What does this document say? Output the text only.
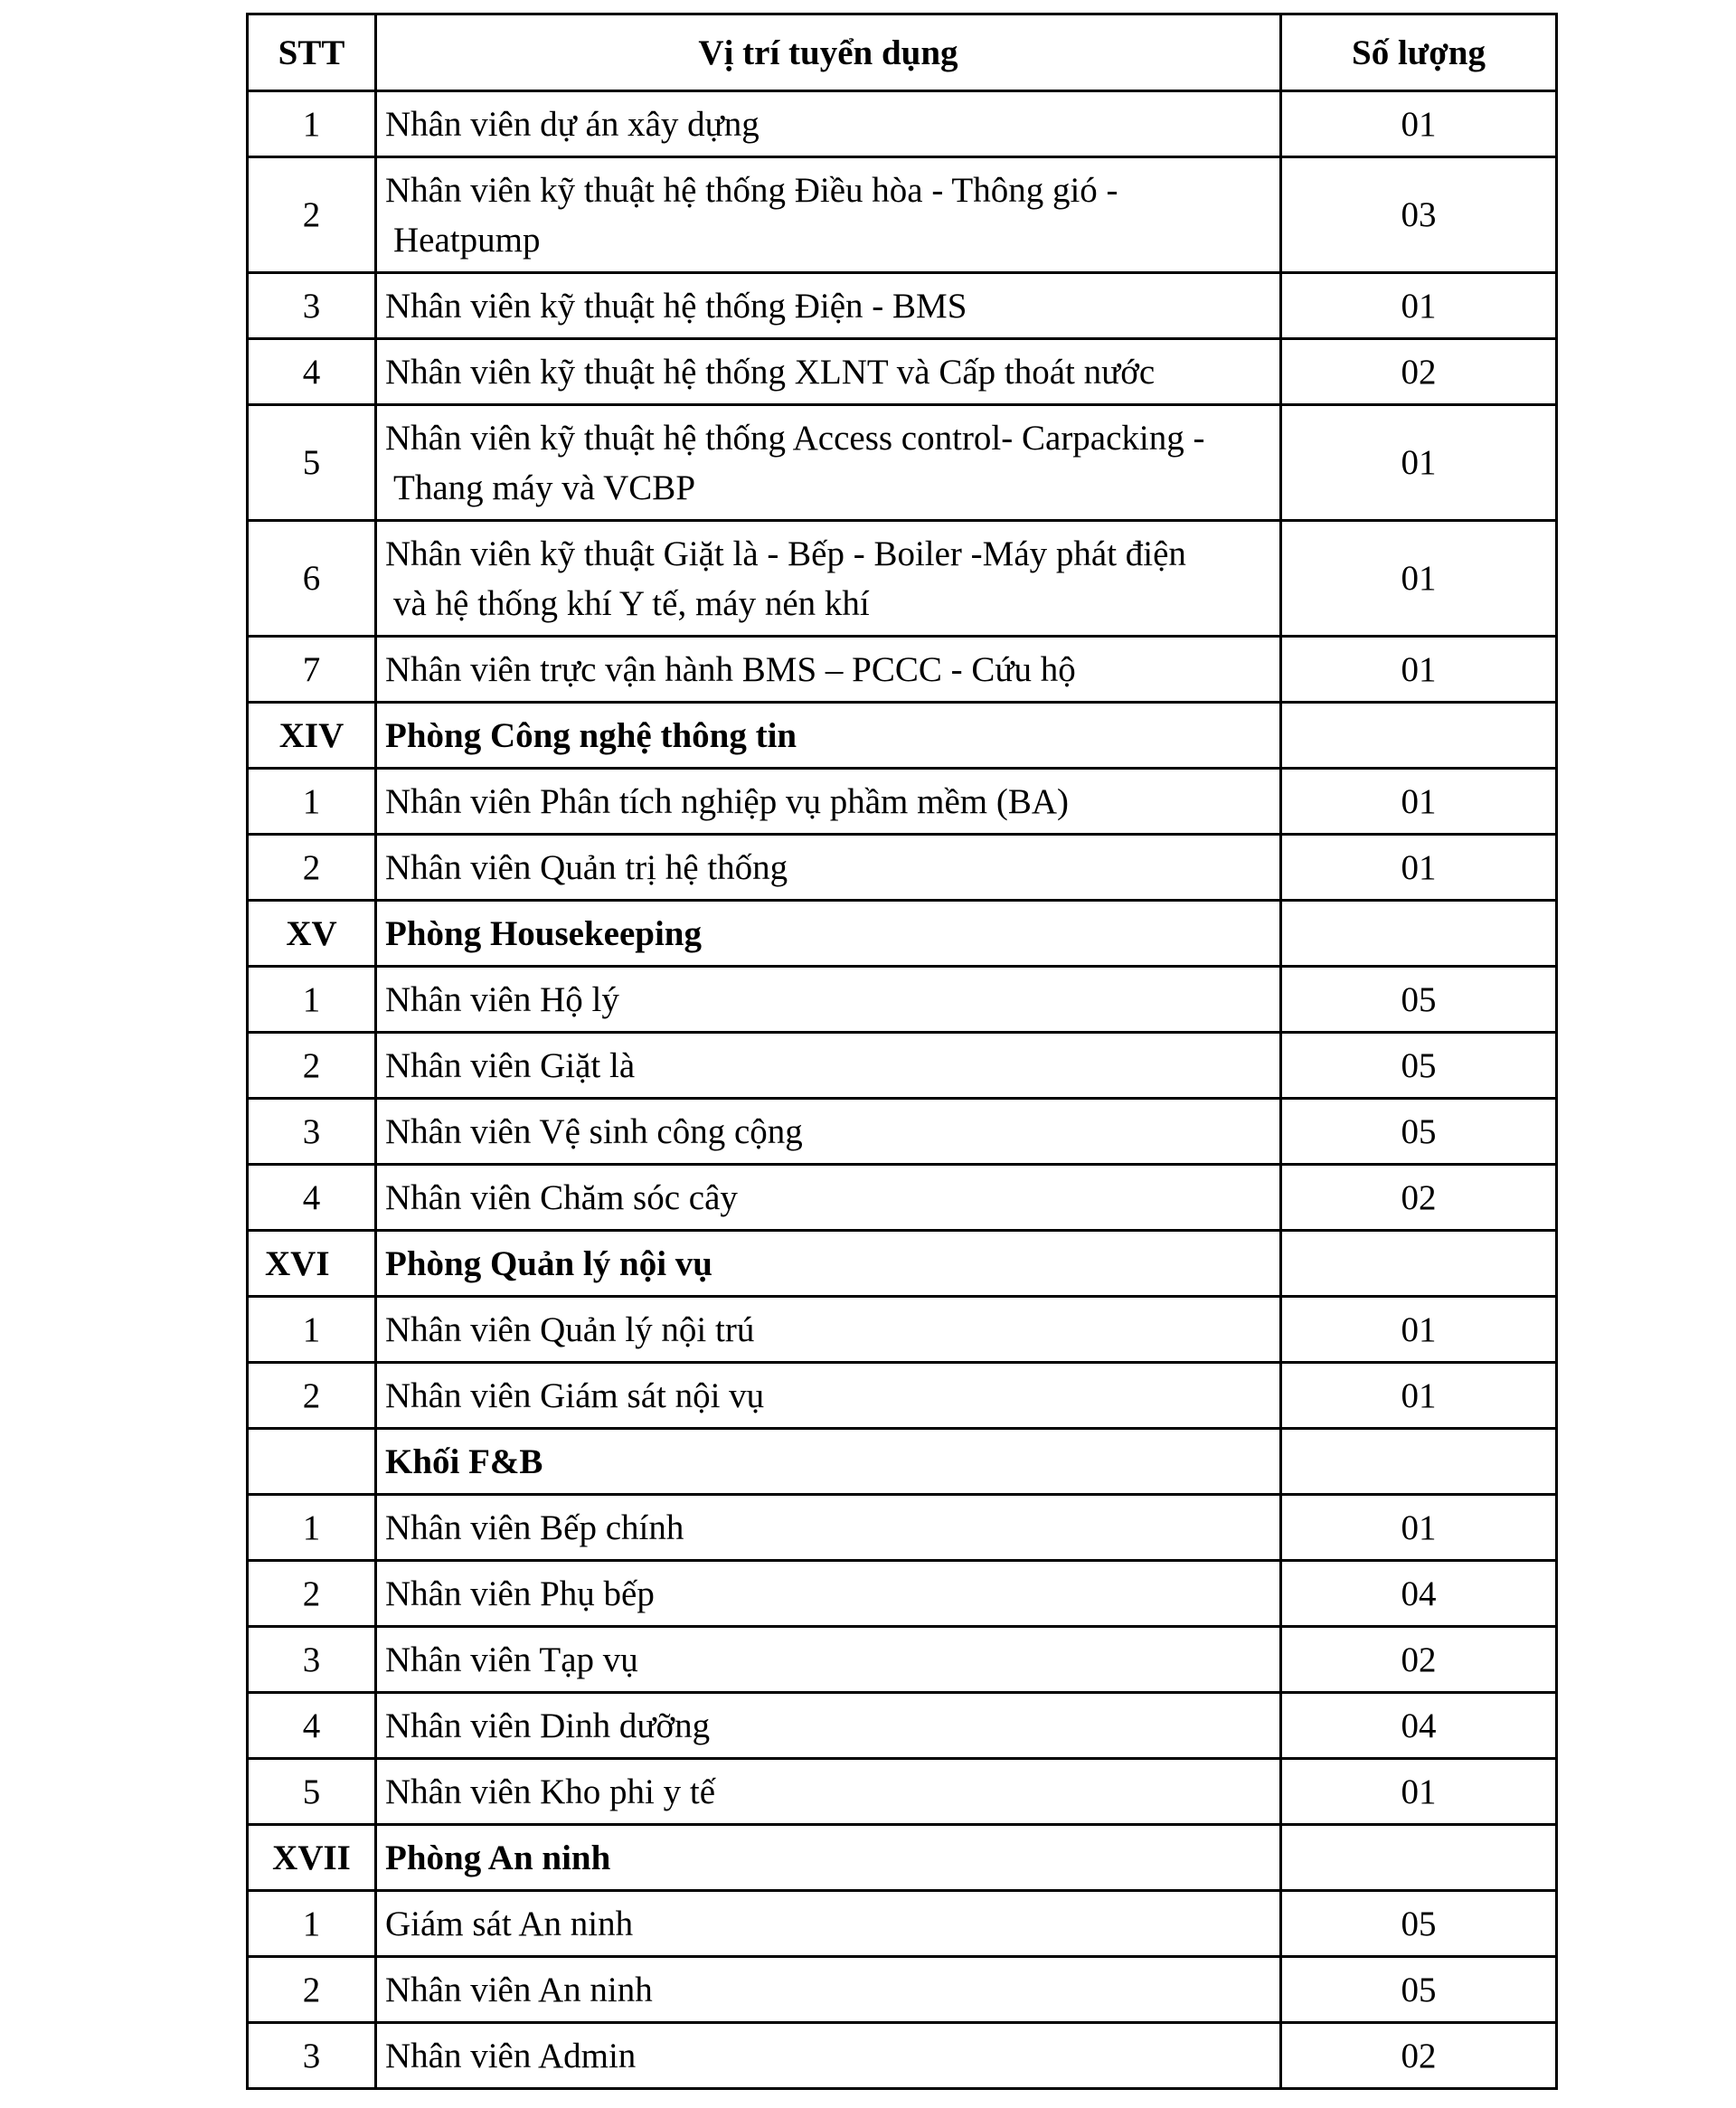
STT	Vị trí tuyển dụng	Số lượng
1	Nhân viên dự án xây dựng	01
2	Nhân viên kỹ thuật hệ thống Điều hòa - Thông gió -
Heatpump	03
3	Nhân viên kỹ thuật hệ thống Điện - BMS	01
4	Nhân viên kỹ thuật hệ thống XLNT và Cấp thoát nước	02
5	Nhân viên kỹ thuật hệ thống Access control- Carpacking -
Thang máy và VCBP	01
6	Nhân viên kỹ thuật Giặt là - Bếp - Boiler -Máy phát điện
và hệ thống khí Y tế, máy nén khí	01
7	Nhân viên trực vận hành BMS – PCCC - Cứu hộ	01
XIV	Phòng Công nghệ thông tin	
1	Nhân viên Phân tích nghiệp vụ phầm mềm (BA)	01
2	Nhân viên Quản trị hệ thống	01
XV	Phòng Housekeeping	
1	Nhân viên Hộ lý	05
2	Nhân viên Giặt là	05
3	Nhân viên Vệ sinh công cộng	05
4	Nhân viên Chăm sóc cây	02
XVI	Phòng Quản lý nội vụ	
1	Nhân viên Quản lý nội trú	01
2	Nhân viên Giám sát nội vụ	01
	Khối F&B	
1	Nhân viên Bếp chính	01
2	Nhân viên Phụ bếp	04
3	Nhân viên Tạp vụ	02
4	Nhân viên Dinh dưỡng	04
5	Nhân viên Kho phi y tế	01
XVII	Phòng An ninh	
1	Giám sát An ninh	05
2	Nhân viên An ninh	05
3	Nhân viên Admin	02
